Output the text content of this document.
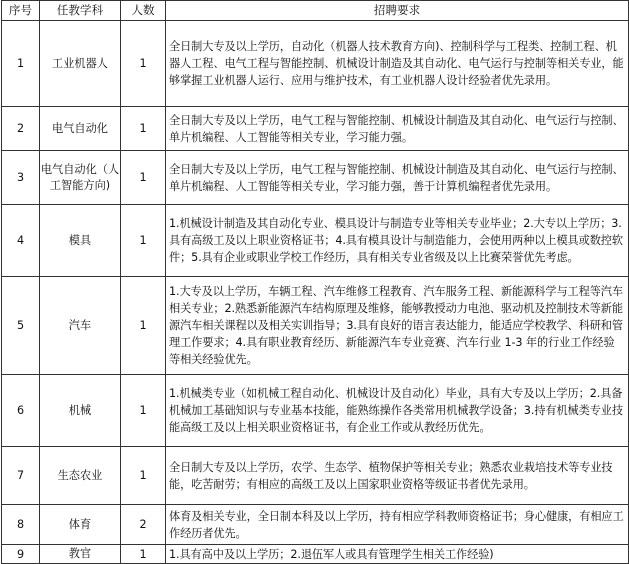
序号	任教学科	人数	招聘要求
1	工业机器人	1	全日制大专及以上学历，自动化（机器人技术教育方向)、控制科学与工程类、控制工程、机器人工程、电气工程与智能控制、机械设计制造及其自动化、电气运行与控制等相关专业，能够掌握工业机器人运行、应用与维护技术，有工业机器人设计经验者优先录用。
2	电气自动化	1	全日制大专及以上学历，电气工程与智能控制、机械设计制造及其自动化、电气运行与控制、单片机编程、人工智能等相关专业，学习能力强。
3	电气自动化（人工智能方向)	1	全日制大专及以上学历，电气工程与智能控制、机械设计制造及其自动化、电气运行与控制、单片机编程、人工智能等相关专业，学习能力强，善于计算机编程者优先录用。
4	模具	1	1.机械设计制造及其自动化专业、模具设计与制造专业等相关专业毕业；2.大专以上学历；3.具有高级工及以上职业资格证书；4.具有模具设计与制造能力，会使用两种以上模具或数控软件；5.具有企业或职业学校工作经历，具有相关专业省级及以上比赛荣誉优先考虑。
5	汽车	1	1.大专及以上学历，车辆工程、汽车维修工程教育、汽车服务工程、新能源科学与工程等汽车相关专业；2.熟悉新能源汽车结构原理及维修，能够教授动力电池、驱动机及控制技术等新能源汽车相关课程以及相关实训指导；3.具有良好的语言表达能力，能适应学校教学、科研和管理工作要求；4.具有职业教育经历、新能源汽车专业竞赛、汽车行业 1-3 年的行业工作经验等相关经验优先。
6	机械	1	1.机械类专业（如机械工程自动化、机械设计及自动化）毕业，具有大专及以上学历；2.具备机械加工基础知识与专业基本技能，能熟练操作各类常用机械教学设备；3.持有机械类专业技能高级工及以上相关职业资格证书，有企业工作或从教经历优先。
7	生态农业	1	全日制大专及以上学历，农学、生态学、植物保护等相关专业；熟悉农业栽培技术等专业技能，吃苦耐劳；有相应的高级工及以上国家职业资格等级证书者优先录用。
8	体育	2	体育及相关专业，全日制本科及以上学历，持有相应学科教师资格证书；身心健康，有相应工作经历者优先。
9	教官	1	1.具有高中及以上学历；2.退伍军人或具有管理学生相关工作经验)
